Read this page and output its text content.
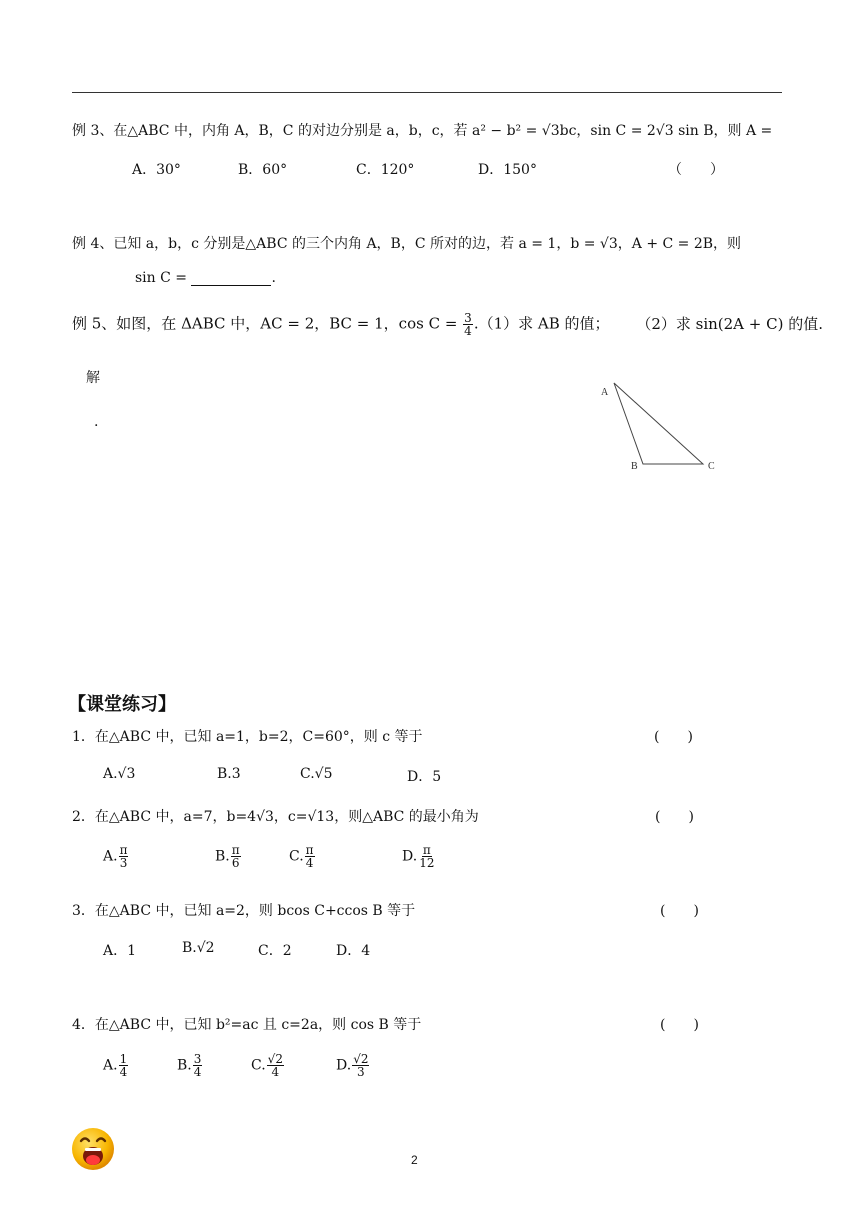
例 3、在△ABC 中，内角 A，B，C 的对边分别是 a，b，c，若 a² − b² = √3bc，sin C = 2√3 sin B，则 A =
A．30°	B．60°	C．120°	D．150°	（　　）
例 4、已知 a，b，c 分别是△ABC 的三个内角 A，B，C 所对的边，若 a = 1，b = √3，A + C = 2B，则
sin C =	.
例 5、如图，在 ΔABC 中，AC = 2，BC = 1，$\cos C = \frac{3}{4} .(1)$求 AB 的值； （2）求 sin(2A + C) 的值.
解
.
A
B	C
【课堂练习】
1．在△ABC 中，已知 a=1，b=2，C=60°，则 c 等于	(　　)
A.√3	B.3	C.√5	D．5
2．在△ABC 中，a=7，b=4√3，c=√13，则△ABC 的最小角为	(　　)
A. $\frac{\pi}{3}$	B. $\frac{\pi}{6}$	C. $\frac{\pi}{4}$	D. $\frac{\pi}{12}$
3．在△ABC 中，已知 a=2，则 bcos C+ccos B 等于	(　　)
A．1	B.√2	C．2	D．4
4．在△ABC 中，已知 b²=ac 且 c=2a，则 cos B 等于	(　　)
A. $\frac{1}{4}$	B. $\frac{3}{4}$	C. $\frac{√2}{4}$	D. $\frac{√2}{3}$
2
